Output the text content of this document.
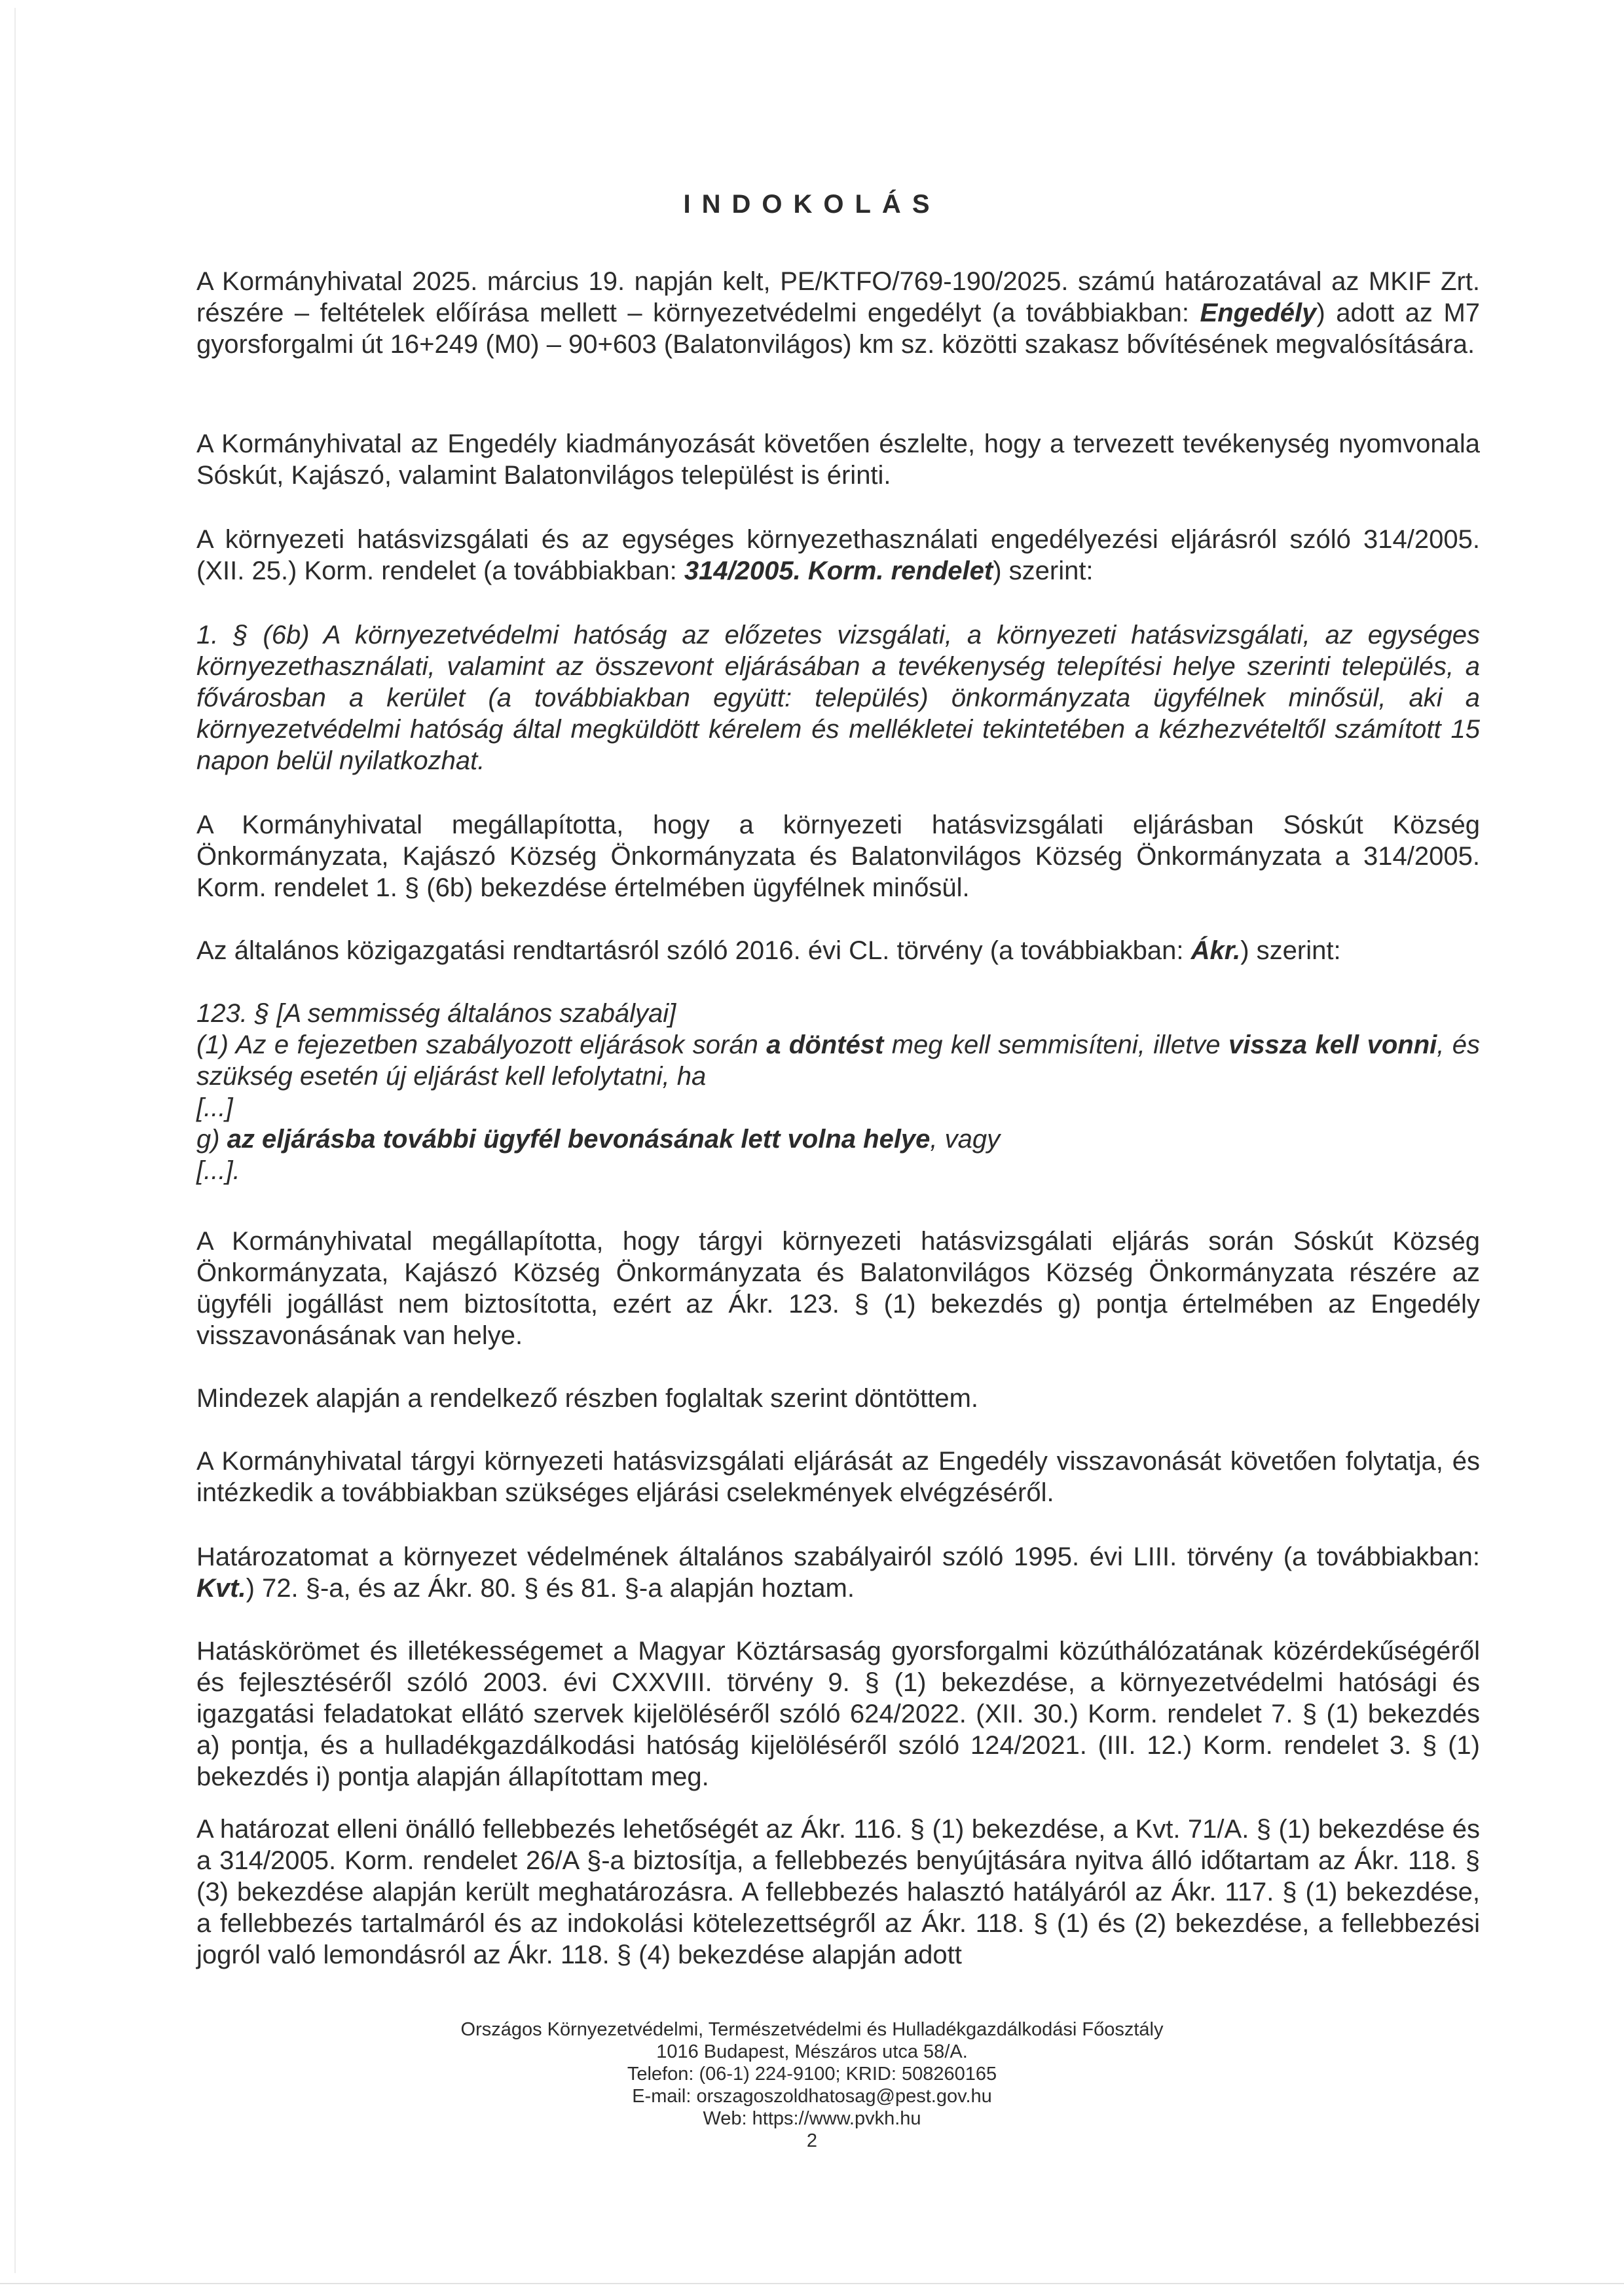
INDOKOLÁS

A Kormányhivatal 2025. március 19. napján kelt, PE/KTFO/769-190/2025. számú határozatával az MKIF Zrt. részére – feltételek előírása mellett – környezetvédelmi engedélyt (a továbbiakban: Engedély) adott az M7 gyorsforgalmi út 16+249 (M0) – 90+603 (Balatonvilágos) km sz. közötti szakasz bővítésének megvalósítására.

A Kormányhivatal az Engedély kiadmányozását követően észlelte, hogy a tervezett tevékenység nyomvonala Sóskút, Kajászó, valamint Balatonvilágos települést is érinti.

A környezeti hatásvizsgálati és az egységes környezethasználati engedélyezési eljárásról szóló 314/2005. (XII. 25.) Korm. rendelet (a továbbiakban: 314/2005. Korm. rendelet) szerint:

1. § (6b) A környezetvédelmi hatóság az előzetes vizsgálati, a környezeti hatásvizsgálati, az egységes környezethasználati, valamint az összevont eljárásában a tevékenység telepítési helye szerinti település, a fővárosban a kerület (a továbbiakban együtt: település) önkormányzata ügyfélnek minősül, aki a környezetvédelmi hatóság által megküldött kérelem és mellékletei tekintetében a kézhezvételtől számított 15 napon belül nyilatkozhat.

A Kormányhivatal megállapította, hogy a környezeti hatásvizsgálati eljárásban Sóskút Község Önkormányzata, Kajászó Község Önkormányzata és Balatonvilágos Község Önkormányzata a 314/2005. Korm. rendelet 1. § (6b) bekezdése értelmében ügyfélnek minősül.

Az általános közigazgatási rendtartásról szóló 2016. évi CL. törvény (a továbbiakban: Ákr.) szerint:

123. § [A semmisség általános szabályai]
(1) Az e fejezetben szabályozott eljárások során a döntést meg kell semmisíteni, illetve vissza kell vonni, és szükség esetén új eljárást kell lefolytatni, ha
[...]
g) az eljárásba további ügyfél bevonásának lett volna helye, vagy
[...].

A Kormányhivatal megállapította, hogy tárgyi környezeti hatásvizsgálati eljárás során Sóskút Község Önkormányzata, Kajászó Község Önkormányzata és Balatonvilágos Község Önkormányzata részére az ügyféli jogállást nem biztosította, ezért az Ákr. 123. § (1) bekezdés g) pontja értelmében az Engedély visszavonásának van helye.

Mindezek alapján a rendelkező részben foglaltak szerint döntöttem.

A Kormányhivatal tárgyi környezeti hatásvizsgálati eljárását az Engedély visszavonását követően folytatja, és intézkedik a továbbiakban szükséges eljárási cselekmények elvégzéséről.

Határozatomat a környezet védelmének általános szabályairól szóló 1995. évi LIII. törvény (a továbbiakban: Kvt.) 72. §-a, és az Ákr. 80. § és 81. §-a alapján hoztam.

Hatáskörömet és illetékességemet a Magyar Köztársaság gyorsforgalmi közúthálózatának közérdekűségéről és fejlesztéséről szóló 2003. évi CXXVIII. törvény 9. § (1) bekezdése, a környezetvédelmi hatósági és igazgatási feladatokat ellátó szervek kijelöléséről szóló 624/2022. (XII. 30.) Korm. rendelet 7. § (1) bekezdés a) pontja, és a hulladékgazdálkodási hatóság kijelöléséről szóló 124/2021. (III. 12.) Korm. rendelet 3. § (1) bekezdés i) pontja alapján állapítottam meg.

A határozat elleni önálló fellebbezés lehetőségét az Ákr. 116. § (1) bekezdése, a Kvt. 71/A. § (1) bekezdése és a 314/2005. Korm. rendelet 26/A §-a biztosítja, a fellebbezés benyújtására nyitva álló időtartam az Ákr. 118. § (3) bekezdése alapján került meghatározásra. A fellebbezés halasztó hatályáról az Ákr. 117. § (1) bekezdése, a fellebbezés tartalmáról és az indokolási kötelezettségről az Ákr. 118. § (1) és (2) bekezdése, a fellebbezési jogról való lemondásról az Ákr. 118. § (4) bekezdése alapján adott

Országos Környezetvédelmi, Természetvédelmi és Hulladékgazdálkodási Főosztály
1016 Budapest, Mészáros utca 58/A.
Telefon: (06-1) 224-9100; KRID: 508260165
E-mail: orszagoszoldhatosag@pest.gov.hu
Web: https://www.pvkh.hu
2
